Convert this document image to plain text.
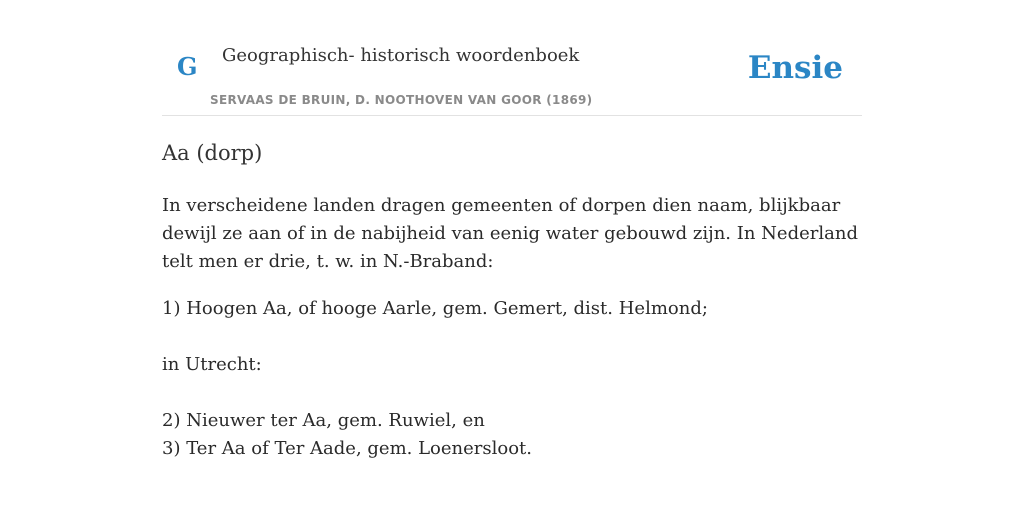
G Geographisch- historisch woordenboek
SERVAAS DE BRUIN, D. NOOTHOVEN VAN GOOR (1869)
Ensie
Aa (dorp)

In verscheidene landen dragen gemeenten of dorpen dien naam, blijkbaar dewijl ze aan of in de nabijheid van eenig water gebouwd zijn. In Nederland telt men er drie, t. w. in N.-Braband:

1) Hoogen Aa, of hooge Aarle, gem. Gemert, dist. Helmond;

in Utrecht:

2) Nieuwer ter Aa, gem. Ruwiel, en
3) Ter Aa of Ter Aade, gem. Loenersloot.
